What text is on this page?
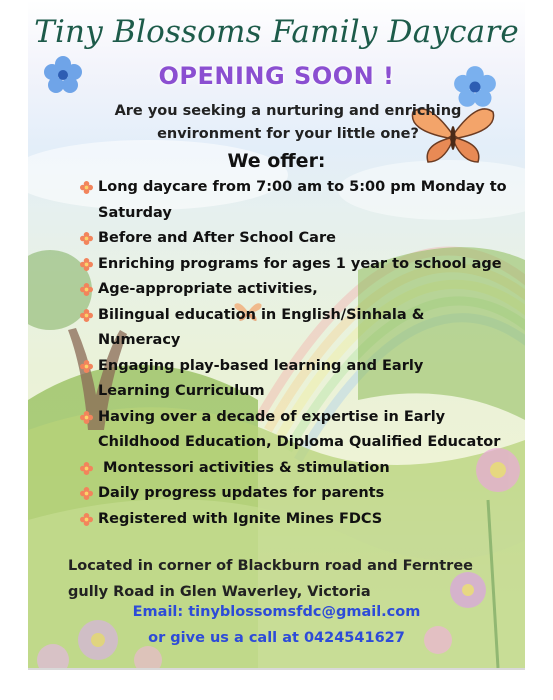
Tiny Blossoms Family Daycare
OPENING SOON !
Are you seeking a nurturing and enriching environment for your little one?
We offer:
Long daycare from 7:00 am to 5:00 pm Monday to
Saturday
Before and After School Care
Enriching programs for ages 1 year to school age
Age-appropriate activities,
Bilingual education in English/Sinhala &
Numeracy
Engaging play-based learning and Early
Learning Curriculum
Having over a decade of expertise in Early
Childhood Education, Diploma Qualified Educator
Montessori activities & stimulation
Daily progress updates for parents
Registered with Ignite Mines FDCS
Located in corner of Blackburn road and Ferntree gully Road in Glen Waverley, Victoria
Email: tinyblossomsfdc@gmail.com
or give us a call at 0424541627
